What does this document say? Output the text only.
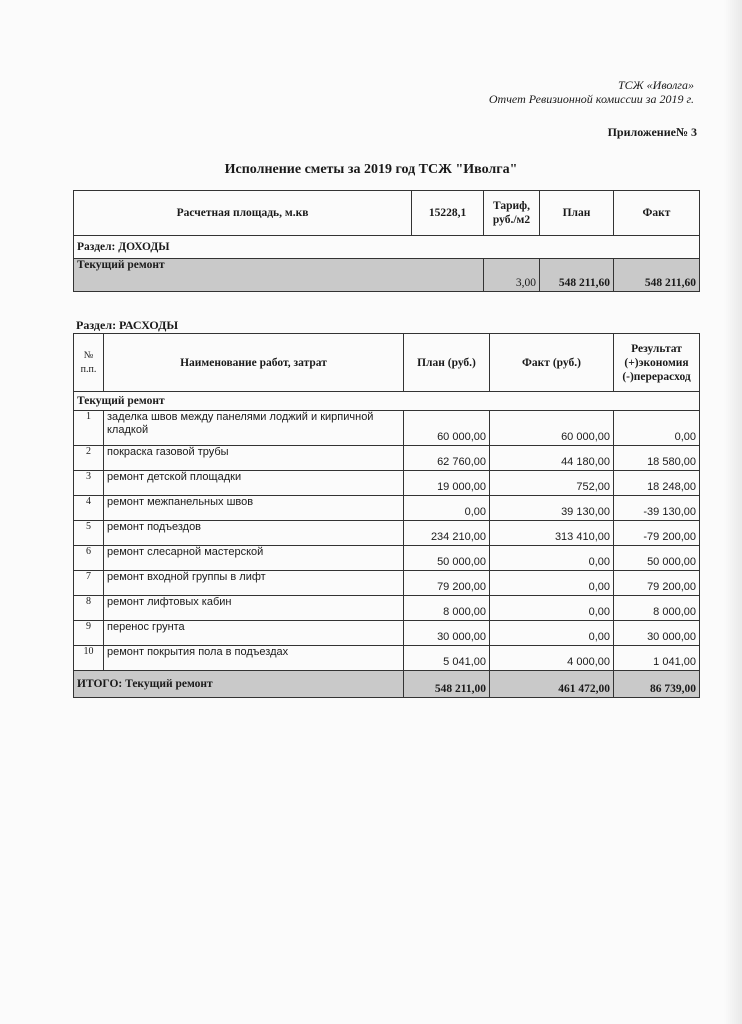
ТСЖ «Иволга»
Отчет Ревизионной комиссии за 2019 г.
Приложение№ 3
Исполнение сметы за 2019 год ТСЖ "Иволга"
Расчетная площадь, м.кв	15228,1	Тариф, руб./м2	План	Факт
Раздел: ДОХОДЫ				
Текущий ремонт		3,00	548 211,60	548 211,60
Раздел: РАСХОДЫ
№ п.п.	Наименование работ, затрат	План (руб.)	Факт (руб.)	Результат (+)экономия (-)перерасход
Текущий ремонт				
1	заделка швов между панелями лоджий и кирпичной кладкой	60 000,00	60 000,00	0,00
2	покраска газовой трубы	62 760,00	44 180,00	18 580,00
3	ремонт детской площадки	19 000,00	752,00	18 248,00
4	ремонт межпанельных швов	0,00	39 130,00	-39 130,00
5	ремонт подъездов	234 210,00	313 410,00	-79 200,00
6	ремонт слесарной мастерской	50 000,00	0,00	50 000,00
7	ремонт входной группы в лифт	79 200,00	0,00	79 200,00
8	ремонт лифтовых кабин	8 000,00	0,00	8 000,00
9	перенос грунта	30 000,00	0,00	30 000,00
10	ремонт покрытия пола в подъездах	5 041,00	4 000,00	1 041,00
ИТОГО: Текущий ремонт		548 211,00	461 472,00	86 739,00
